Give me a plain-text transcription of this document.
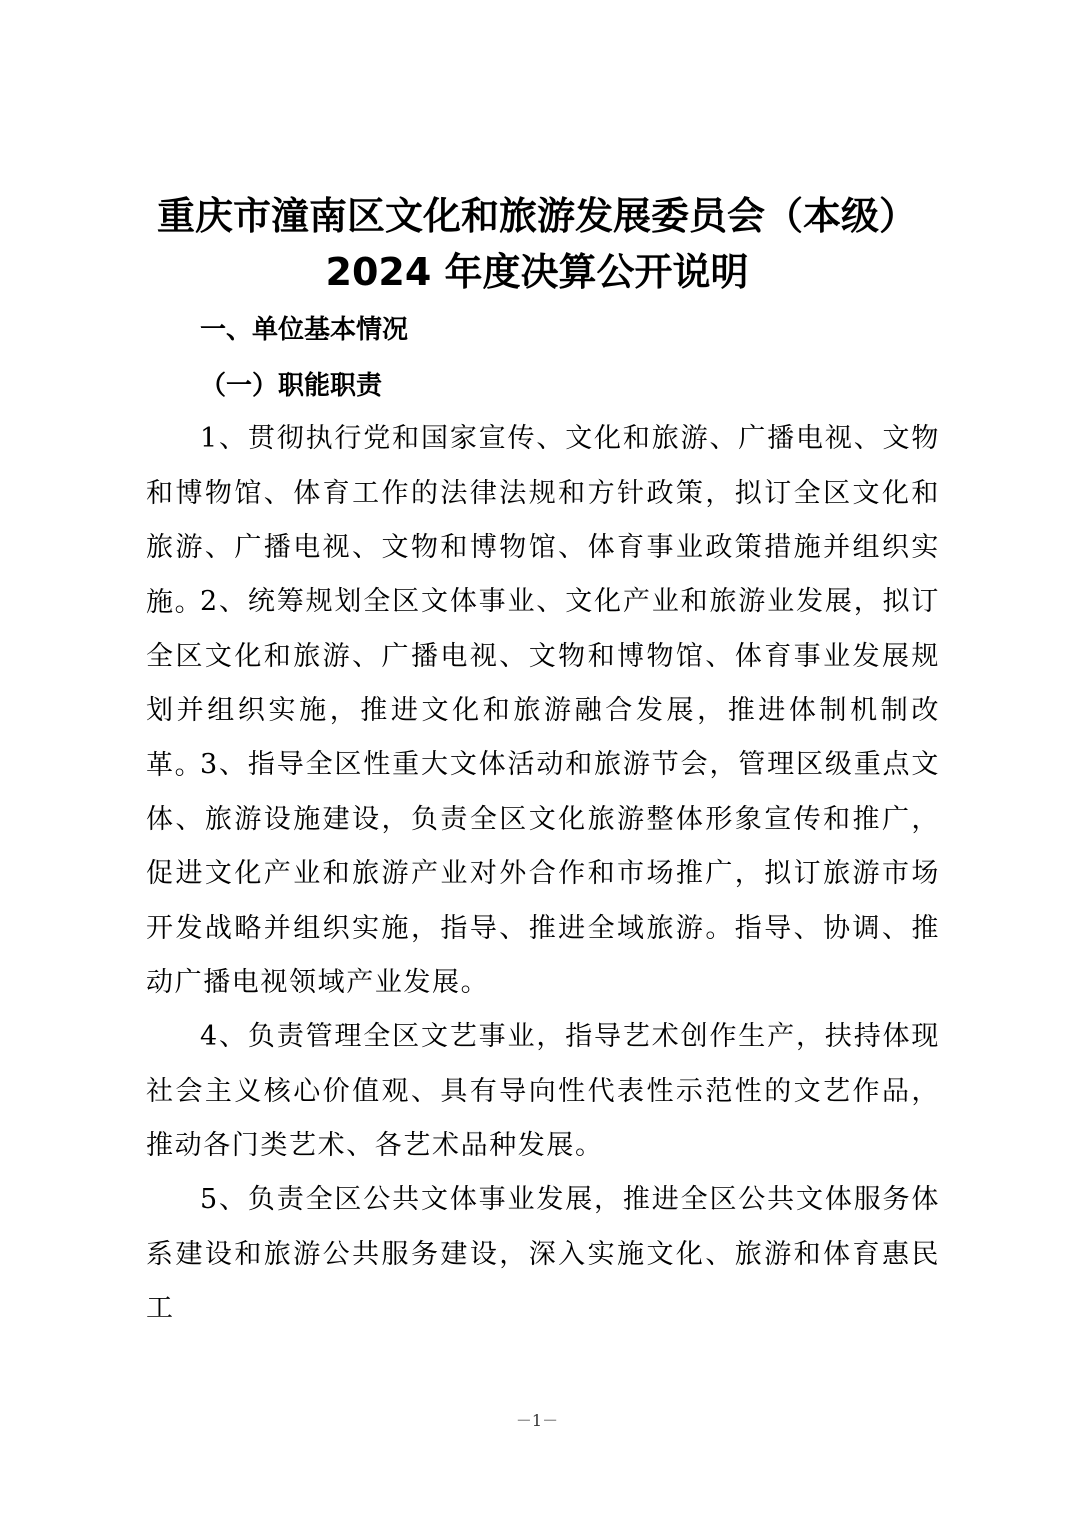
重庆市潼南区文化和旅游发展委员会（本级）
2024 年度决算公开说明
一、单位基本情况
（一）职能职责

1、贯彻执行党和国家宣传、文化和旅游、广播电视、文物和博物馆、体育工作的法律法规和方针政策，拟订全区文化和旅游、广播电视、文物和博物馆、体育事业政策措施并组织实施。

2、统筹规划全区文体事业、文化产业和旅游业发展，拟订全区文化和旅游、广播电视、文物和博物馆、体育事业发展规划并组织实施，推进文化和旅游融合发展，推进体制机制改革。

3、指导全区性重大文体活动和旅游节会，管理区级重点文体、旅游设施建设，负责全区文化旅游整体形象宣传和推广，促进文化产业和旅游产业对外合作和市场推广，拟订旅游市场开发战略并组织实施，指导、推进全域旅游。指导、协调、推动广播电视领域产业发展。

4、负责管理全区文艺事业，指导艺术创作生产，扶持体现社会主义核心价值观、具有导向性代表性示范性的文艺作品，推动各门类艺术、各艺术品种发展。

5、负责全区公共文体事业发展，推进全区公共文体服务体系建设和旅游公共服务建设，深入实施文化、旅游和体育惠民工

－1－
